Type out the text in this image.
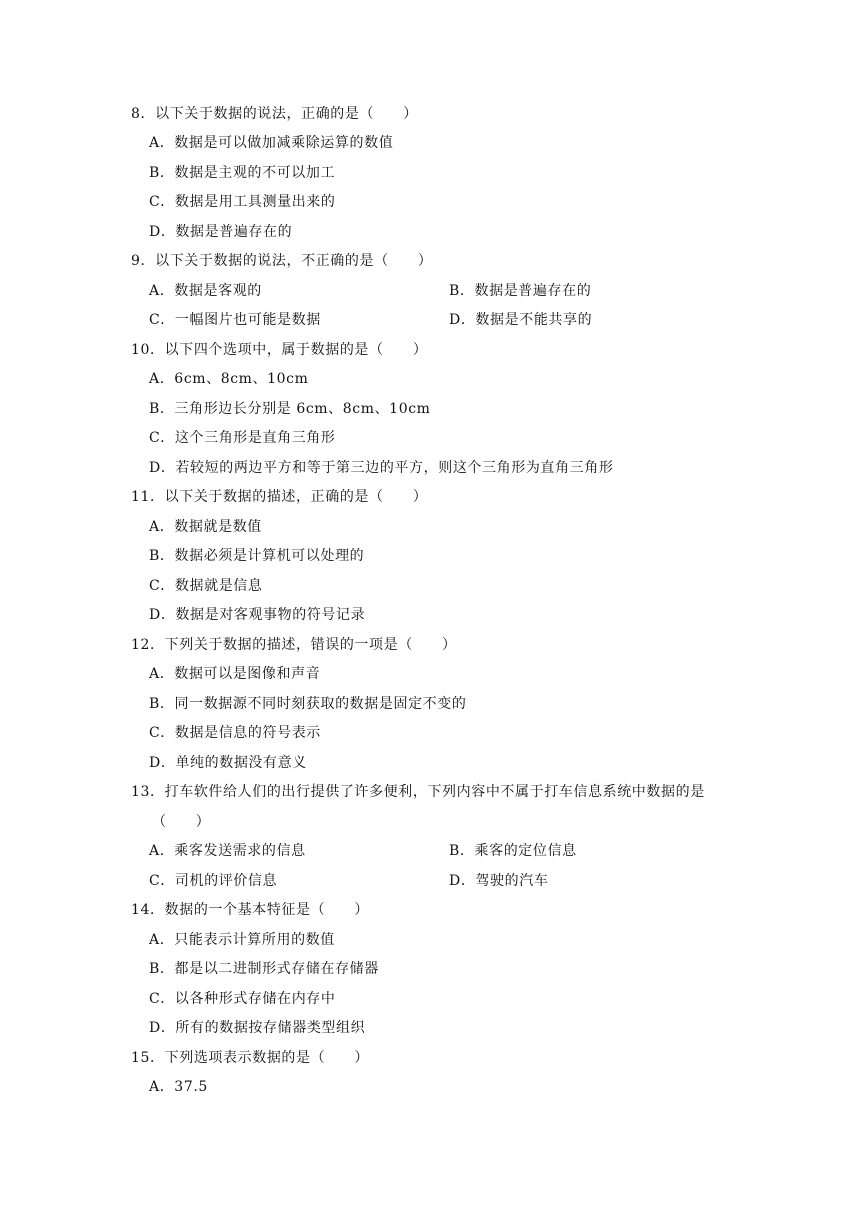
8．以下关于数据的说法，正确的是（　　）
A．数据是可以做加减乘除运算的数值
B．数据是主观的不可以加工
C．数据是用工具测量出来的
D．数据是普遍存在的
9．以下关于数据的说法，不正确的是（　　）
A．数据是客观的	B．数据是普遍存在的
C．一幅图片也可能是数据	D．数据是不能共享的
10．以下四个选项中，属于数据的是（　　）
A．6cm、8cm、10cm
B．三角形边长分别是 6cm、8cm、10cm
C．这个三角形是直角三角形
D．若较短的两边平方和等于第三边的平方，则这个三角形为直角三角形
11．以下关于数据的描述，正确的是（　　）
A．数据就是数值
B．数据必须是计算机可以处理的
C．数据就是信息
D．数据是对客观事物的符号记录
12．下列关于数据的描述，错误的一项是（　　）
A．数据可以是图像和声音
B．同一数据源不同时刻获取的数据是固定不变的
C．数据是信息的符号表示
D．单纯的数据没有意义
13．打车软件给人们的出行提供了许多便利，下列内容中不属于打车信息系统中数据的是
（　　）
A．乘客发送需求的信息	B．乘客的定位信息
C．司机的评价信息	D．驾驶的汽车
14．数据的一个基本特征是（　　）
A．只能表示计算所用的数值
B．都是以二进制形式存储在存储器
C．以各种形式存储在内存中
D．所有的数据按存储器类型组织
15．下列选项表示数据的是（　　）
A．37.5
